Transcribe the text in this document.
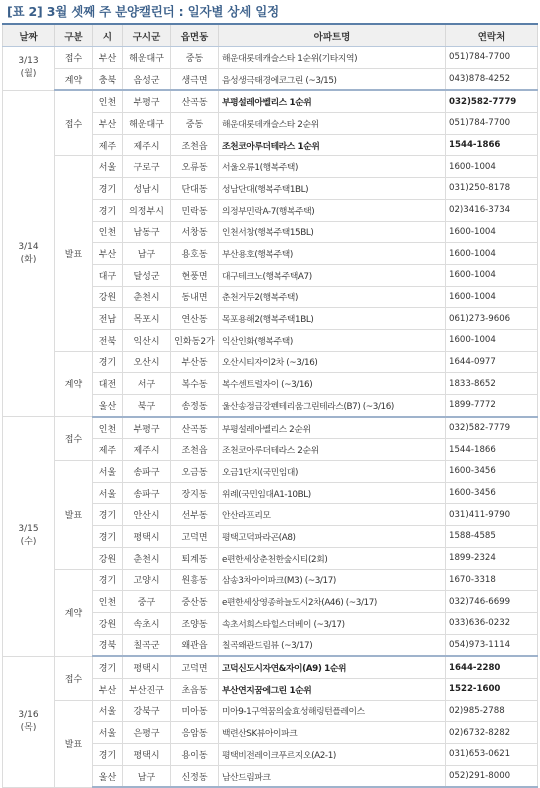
[표 2] 3월 셋째 주 분양캘린더 : 일자별 상세 일정
날짜	구분	시	구시군	읍면동	아파트명	연락처

3/13
(월)	접수	부산	해운대구	중동	해운대롯데캐슬스타 1순위(기타지역)	051)784-7700
	계약	충북	음성군	생극면	음성생극태경에코그린 (~3/15)	043)878-4252

3/14
(화)	접수	인천	부평구	산곡동	부평설레아벨리스 1순위	032)582-7779
		부산	해운대구	중동	해운대롯데캐슬스타 2순위	051)784-7700
		제주	제주시	조천읍	조천코아루더테라스 1순위	1544-1866
	발표	서울	구로구	오류동	서울오류1(행복주택)	1600-1004
		경기	성남시	단대동	성남단대(행복주택1BL)	031)250-8178
		경기	의정부시	민락동	의정부민락A-7(행복주택)	02)3416-3734
		인천	남동구	서창동	인천서창(행복주택15BL)	1600-1004
		부산	남구	용호동	부산용호(행복주택)	1600-1004
		대구	달성군	현풍면	대구테크노(행복주택A7)	1600-1004
		강원	춘천시	동내면	춘천거두2(행복주택)	1600-1004
		전남	목포시	연산동	목포용해2(행복주택1BL)	061)273-9606
		전북	익산시	인화동2가	익산인화(행복주택)	1600-1004
	계약	경기	오산시	부산동	오산시티자이2차 (~3/16)	1644-0977
		대전	서구	복수동	복수센트럴자이 (~3/16)	1833-8652
		울산	북구	송정동	울산송정금강펜테리움그린테라스(B7) (~3/16)	1899-7772

3/15
(수)	접수	인천	부평구	산곡동	부평설레아벨리스 2순위	032)582-7779
		제주	제주시	조천읍	조천코아루더테라스 2순위	1544-1866
	발표	서울	송파구	오금동	오금1단지(국민임대)	1600-3456
		서울	송파구	장지동	위례(국민임대A1-10BL)	1600-3456
		경기	안산시	선부동	안산라프리모	031)411-9790
		경기	평택시	고덕면	평택고덕파라곤(A8)	1588-4585
		강원	춘천시	퇴계동	e편한세상춘천한숲시티(2회)	1899-2324
	계약	경기	고양시	원흥동	삼송3차아이파크(M3) (~3/17)	1670-3318
		인천	중구	중산동	e편한세상영종하늘도시2차(A46) (~3/17)	032)746-6699
		강원	속초시	조양동	속초서희스타힐스더베이 (~3/17)	033)636-0232
		경북	칠곡군	왜관읍	칠곡왜관드림뷰 (~3/17)	054)973-1114

3/16
(목)	접수	경기	평택시	고덕면	고덕신도시자연&자이(A9) 1순위	1644-2280
		부산	부산진구	초읍동	부산연지꿈에그린 1순위	1522-1600
	발표	서울	강북구	미아동	미아9-1구역꿈의숲효성해링턴플레이스	02)985-2788
		서울	은평구	응암동	백련산SK뷰아이파크	02)6732-8282
		경기	평택시	용이동	평택비전레이크푸르지오(A2-1)	031)653-0621
		울산	남구	신정동	남산드림파크	052)291-8000
